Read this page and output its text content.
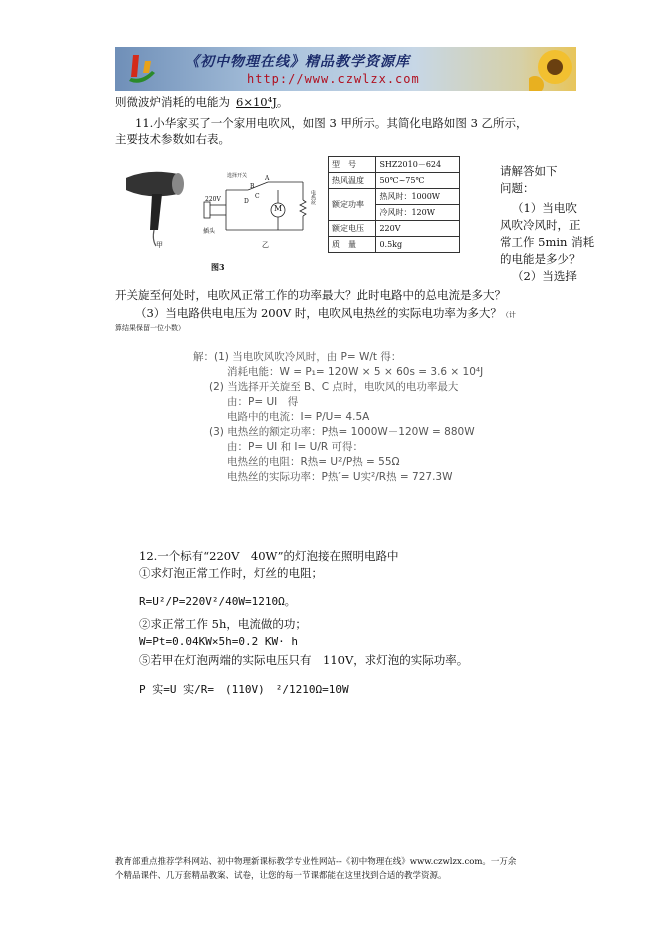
《初中物理在线》精品教学资源库
http://www.czwlzx.com
则微波炉消耗的电能为 6×10⁴J。
11.小华家买了一个家用电吹风，如图 3 甲所示。其简化电路如图 3 乙所示，
主要技术参数如右表。
选择开关	A
B
C
D
220V
插头
M
电热丝
甲	乙
图3
型　号	SHZ2010－624
热风温度	50℃~75℃
额定功率	热风时：1000W
	冷风时：120W
额定电压	220V
质　量	0.5kg
请解答如下
问题：
（1）当电吹
风吹冷风时，正
常工作 5min 消耗
的电能是多少？
（2）当选择
开关旋至何处时，电吹风正常工作的功率最大？此时电路中的总电流是多大？
（3）当电路供电电压为 200V 时，电吹风电热丝的实际电功率为多大？（计
算结果保留一位小数）
解：(1) 当电吹风吹冷风时，由 P= W/t 得：
消耗电能：W = P₁= 120W × 5 × 60s = 3.6 × 10⁴J
(2) 当选择开关旋至 B、C 点时，电吹风的电功率最大
由：P= UI　得
电路中的电流：I= P/U= 4.5A
(3) 电热丝的额定功率：P热= 1000W－120W = 880W
由：P= UI 和 I= U/R 可得：
电热丝的电阻：R热= U²/P热 = 55Ω
电热丝的实际功率：P热′= U实²/R热 = 727.3W
12.一个标有“220V　40W”的灯泡接在照明电路中
①求灯泡正常工作时，灯丝的电阻；
R=U²/P=220V²/40W=1210Ω。
②求正常工作 5h，电流做的功；
W=Pt=0.04KW×5h=0.2 KW· h
⑤若甲在灯泡两端的实际电压只有　110V，求灯泡的实际功率。
P 实=U 实/R=　(110V)　²/1210Ω=10W
教育部重点推荐学科网站、初中物理新课标教学专业性网站--《初中物理在线》www.czwlzx.com。一万余
个精品课件、几万套精品教案、试卷，让您的每一节课都能在这里找到合适的教学资源。
